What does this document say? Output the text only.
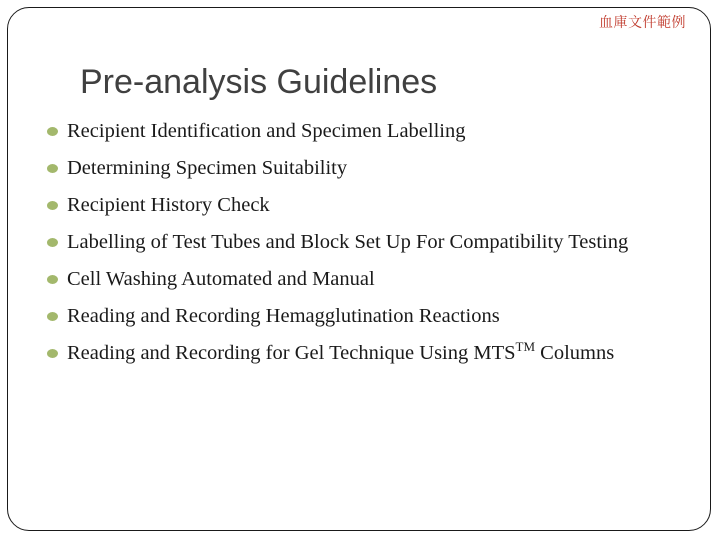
血庫文件範例
Pre-analysis Guidelines
Recipient Identification and Specimen Labelling
Determining Specimen Suitability
Recipient History Check
Labelling of Test Tubes and Block Set Up For Compatibility Testing
Cell Washing Automated and Manual
Reading and Recording Hemagglutination Reactions
Reading and Recording for Gel Technique Using MTS™ Columns
